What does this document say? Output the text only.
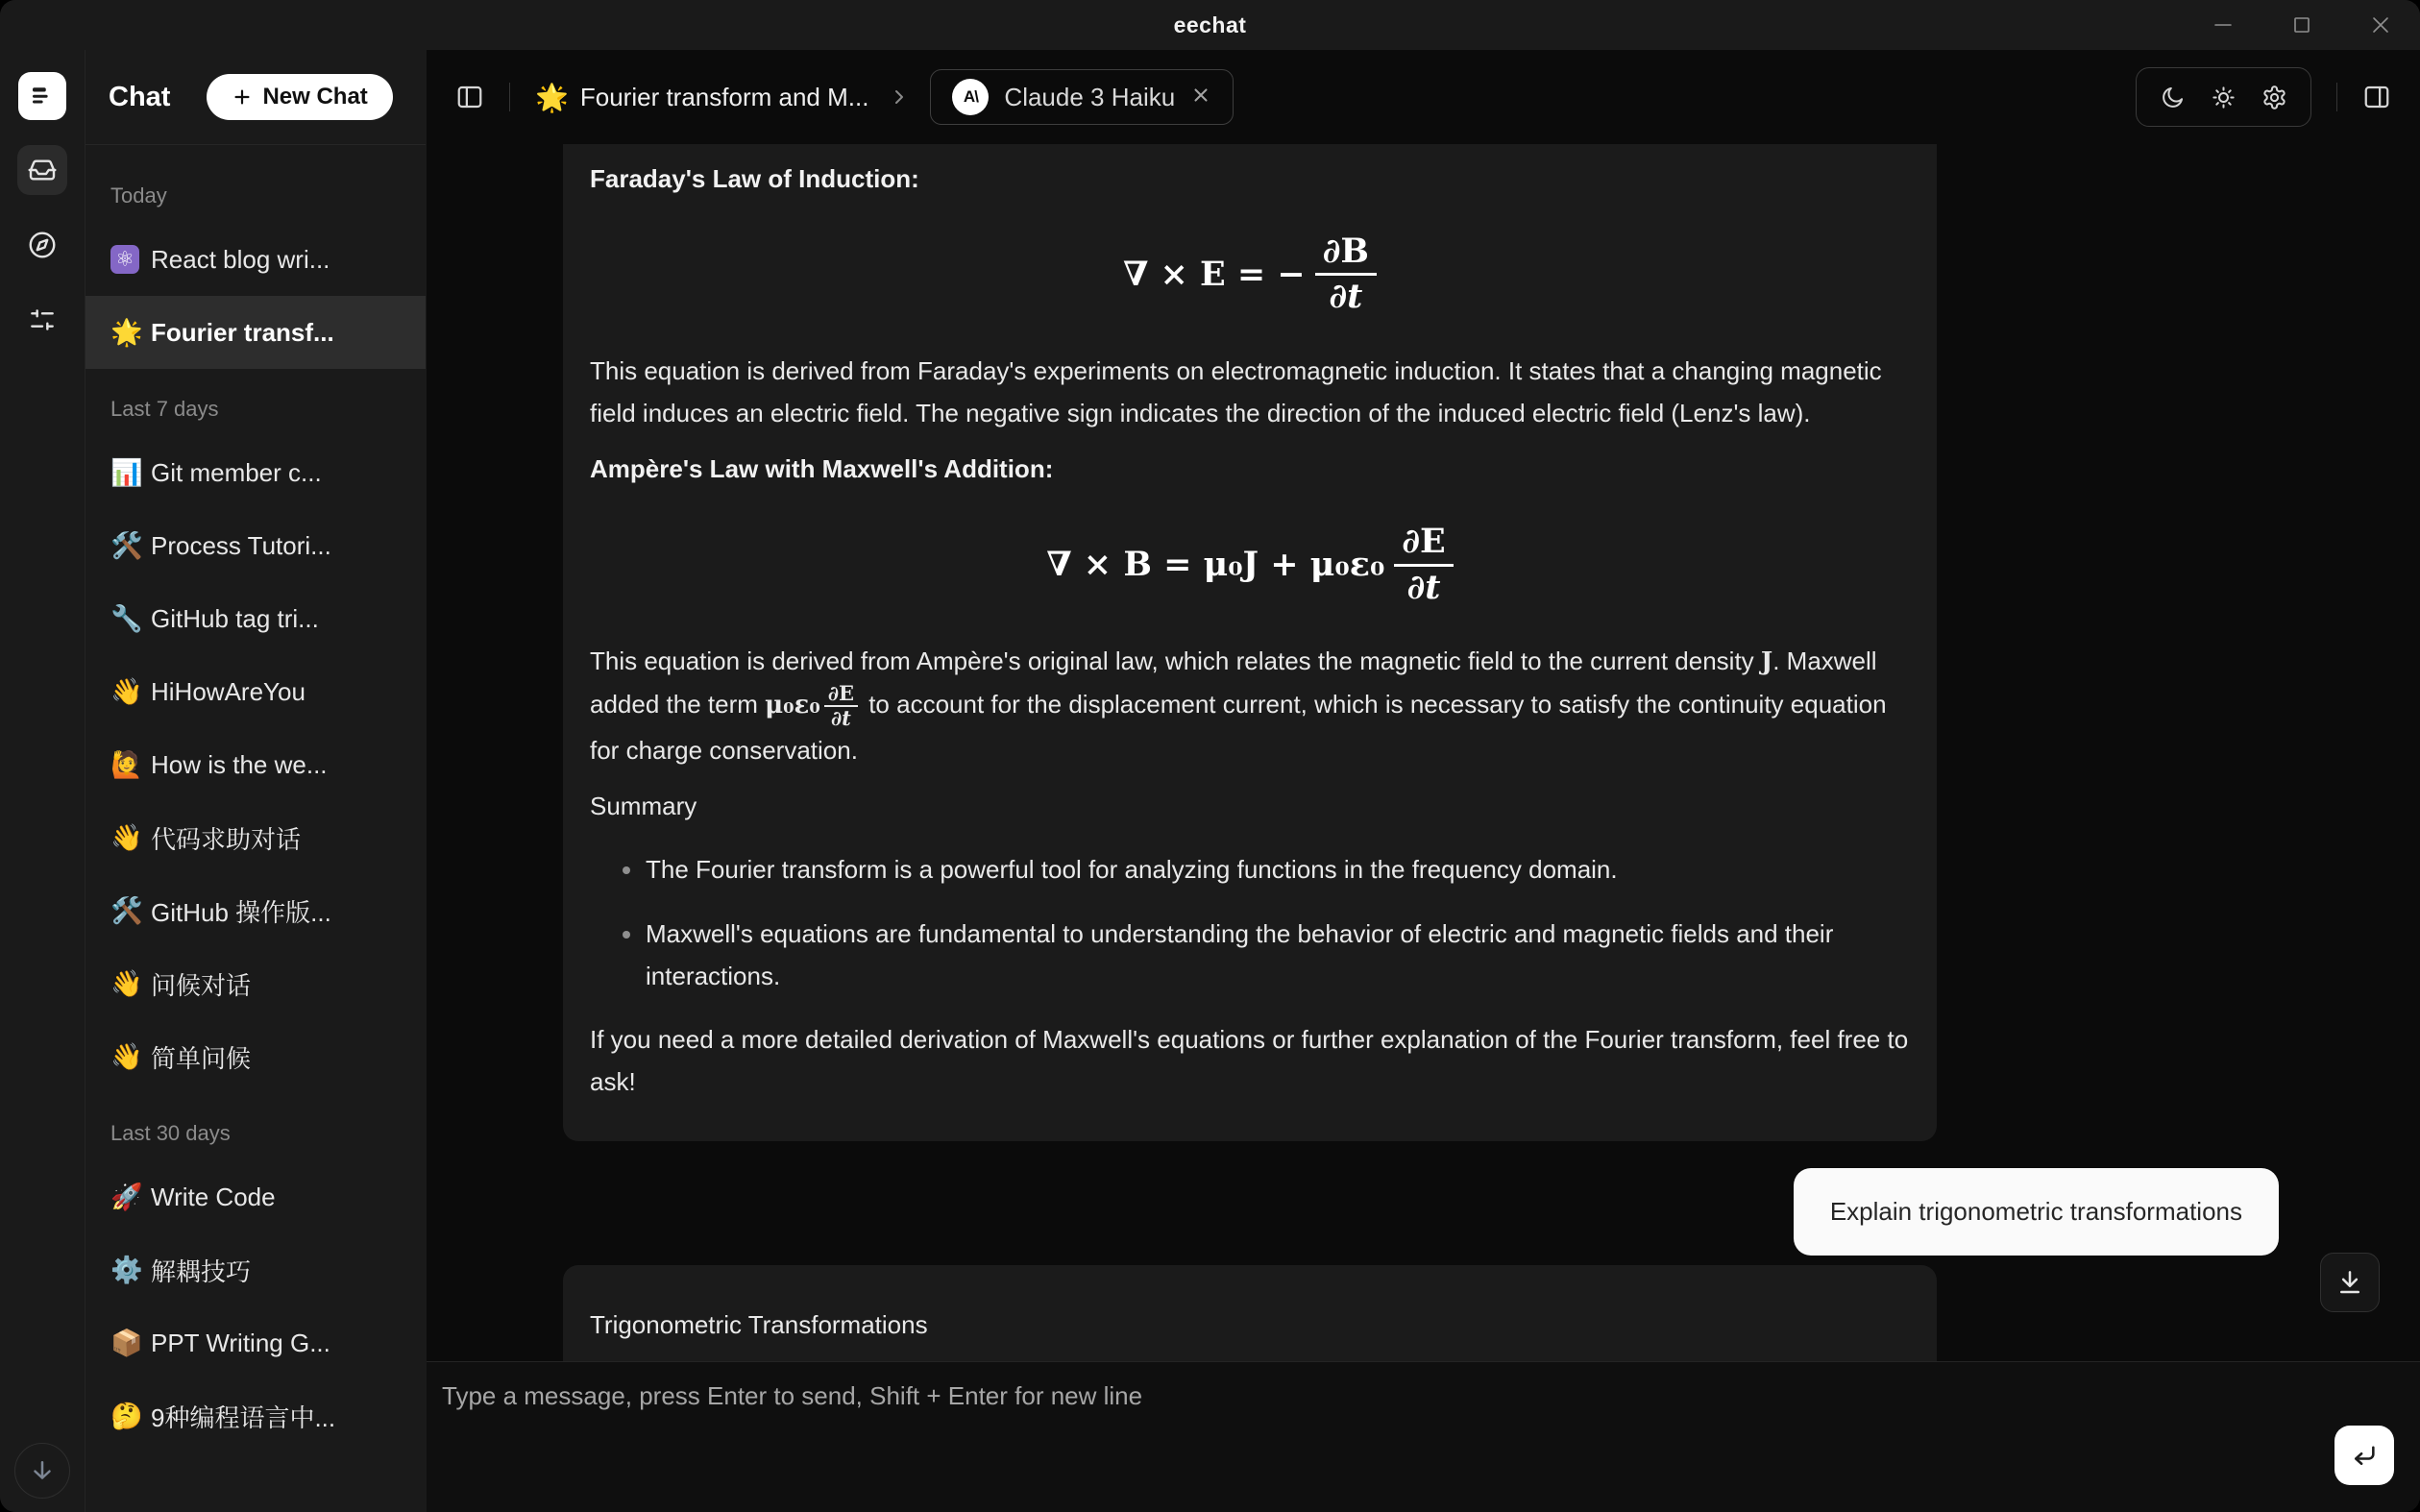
eechat
Chat	New Chat
Today
⚛ React blog wri...
🌟 Fourier transf...
Last 7 days
📊 Git member c...
🛠️ Process Tutori...
🔧 GitHub tag tri...
👋 HiHowAreYou
🙋 How is the we...
👋 代码求助对话
🛠️ GitHub 操作版...
👋 问候对话
👋 简单问候
Last 30 days
🚀 Write Code
⚙️ 解耦技巧
📦 PPT Writing G...
🤔 9种编程语言中...
🌟 Fourier transform and M...	A\	Claude 3 Haiku

Faraday's Law of Induction:

∇ × E = − $\frac{\partial B}{\partial t}$

This equation is derived from Faraday's experiments on electromagnetic induction. It states that a changing magnetic field induces an electric field. The negative sign indicates the direction of the induced electric field (Lenz's law).

Ampère's Law with Maxwell's Addition:

∇ × $B = \mu_0J + \mu_0\varepsilon_0 \frac{\partial E}{\partial t}$

This equation is derived from Ampère's original law, which relates the magnetic field to the current density J. Maxwell added the term $\mu_0\varepsilon_0 \frac{\partial E}{\partial t}$ to account for the displacement current, which is necessary to satisfy the continuity equation for charge conservation.

Summary

The Fourier transform is a powerful tool for analyzing functions in the frequency domain.
Maxwell's equations are fundamental to understanding the behavior of electric and magnetic fields and their interactions.

If you need a more detailed derivation of Maxwell's equations or further explanation of the Fourier transform, feel free to ask!

Explain trigonometric transformations

Trigonometric Transformations

Type a message, press Enter to send, Shift + Enter for new line
